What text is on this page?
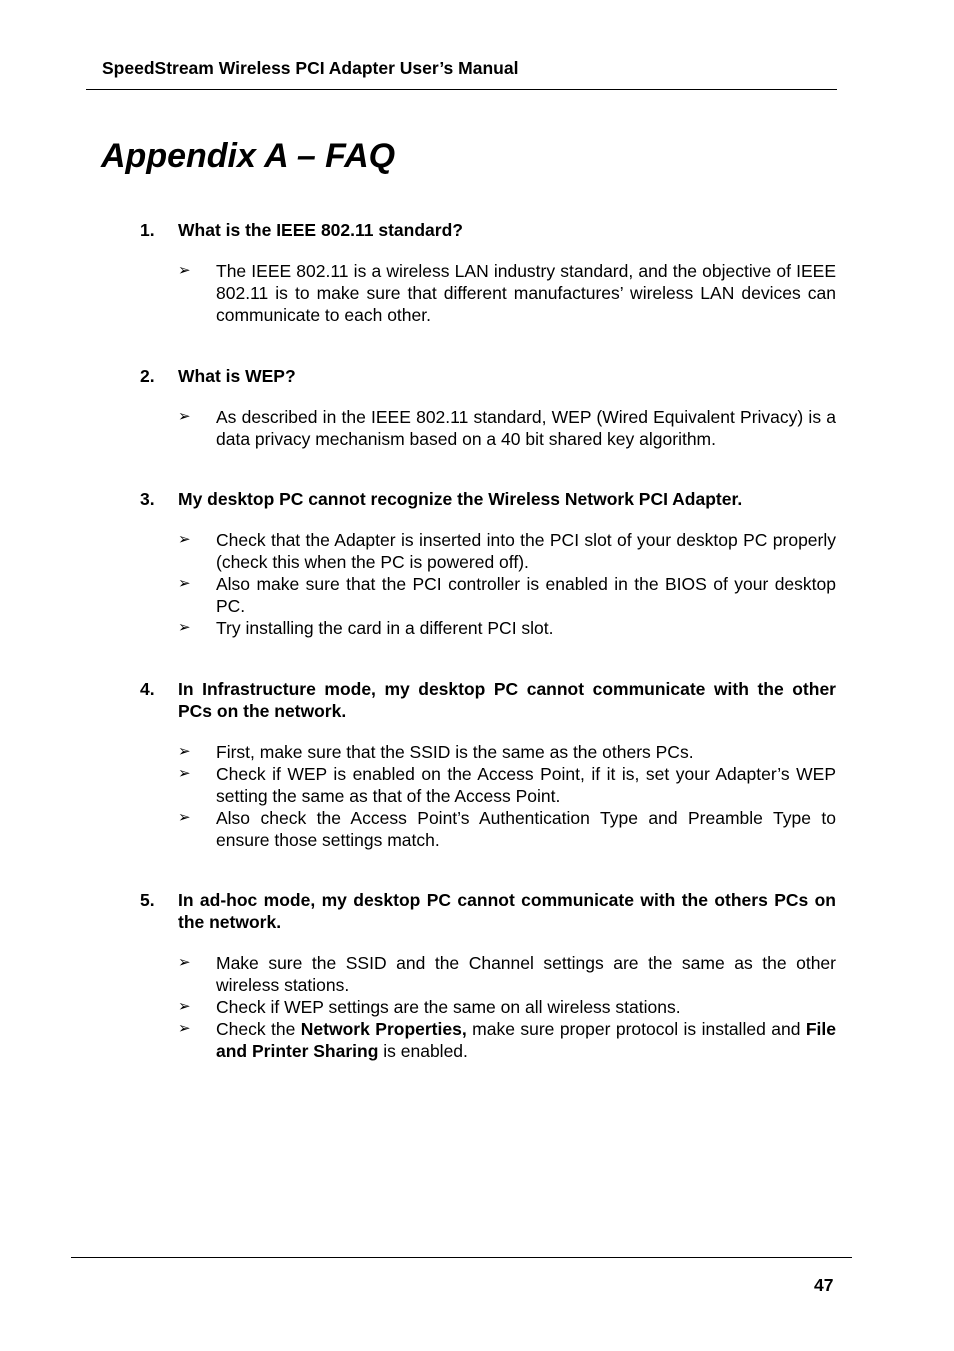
SpeedStream Wireless PCI Adapter User’s Manual
Appendix A – FAQ
1.	What is the IEEE 802.11 standard?
➢	The IEEE 802.11 is a wireless LAN industry standard, and the objective of IEEE 802.11 is to make sure that different manufactures’ wireless LAN devices can communicate to each other.
2.	What is WEP?
➢	As described in the IEEE 802.11 standard, WEP (Wired Equivalent Privacy) is a data privacy mechanism based on a 40 bit shared key algorithm.
3.	My desktop PC cannot recognize the Wireless Network PCI Adapter.
➢	Check that the Adapter is inserted into the PCI slot of your desktop PC properly (check this when the PC is powered off).
➢	Also make sure that the PCI controller is enabled in the BIOS of your desktop PC.
➢	Try installing the card in a different PCI slot.
4.	In Infrastructure mode, my desktop PC cannot communicate with the other PCs on the network.
➢	First, make sure that the SSID is the same as the others PCs.
➢	Check if WEP is enabled on the Access Point, if it is, set your Adapter’s WEP setting the same as that of the Access Point.
➢	Also check the Access Point’s Authentication Type and Preamble Type to ensure those settings match.
5.	In ad-hoc mode, my desktop PC cannot communicate with the others PCs on the network.
➢	Make sure the SSID and the Channel settings are the same as the other wireless stations.
➢	Check if WEP settings are the same on all wireless stations.
➢	Check the Network Properties, make sure proper protocol is installed and File and Printer Sharing is enabled.
47
